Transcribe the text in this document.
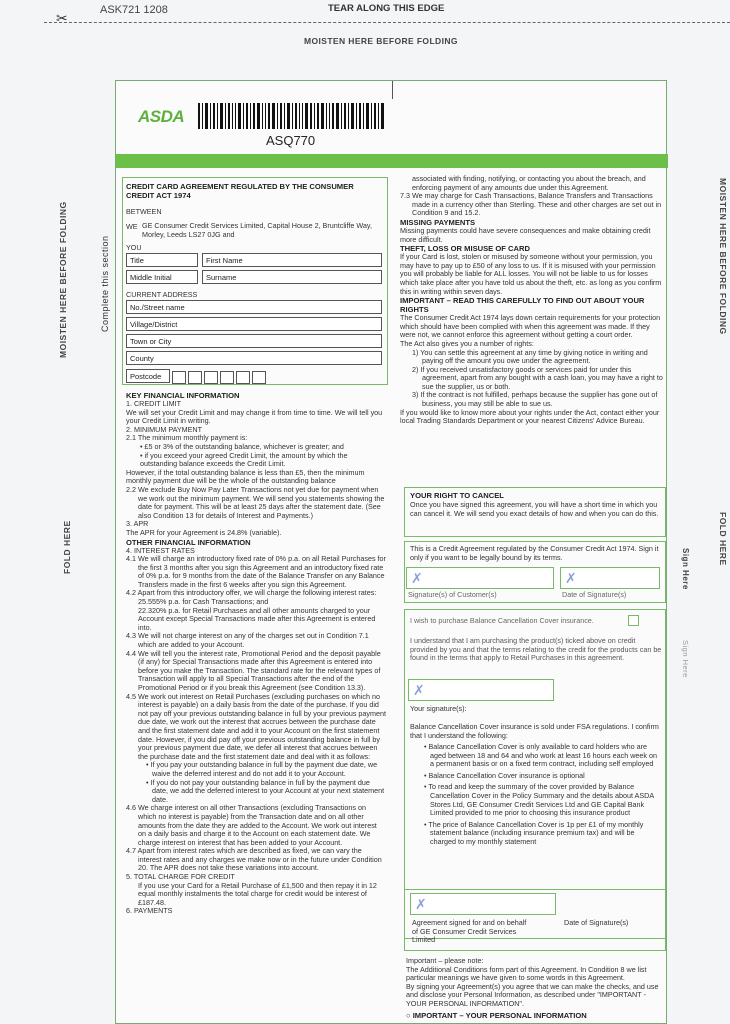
✂	ASK721 1208	TEAR ALONG THIS EDGE
MOISTEN HERE BEFORE FOLDING
MOISTEN HERE BEFORE FOLDING	Complete this section
FOLD HERE
MOISTEN HERE BEFORE FOLDING
FOLD HERE
Sign Here
Sign Here
ASDA
ASQ770
CREDIT CARD AGREEMENT REGULATED BY THE CONSUMER CREDIT ACT 1974
BETWEEN
WE GE Consumer Credit Services Limited, Capital House 2, Bruntcliffe Way, Morley, Leeds LS27 0JG and
YOU
Title	First Name
Middle Initial	Surname
CURRENT ADDRESS
No./Street name
Village/District
Town or City
County
Postcode
KEY FINANCIAL INFORMATION
1. CREDIT LIMIT
We will set your Credit Limit and may change it from time to time. We will tell you your Credit Limit in writing.
2. MINIMUM PAYMENT
2.1 The minimum monthly payment is:
• £5 or 3% of the outstanding balance, whichever is greater; and
• if you exceed your agreed Credit Limit, the amount by which the outstanding balance exceeds the Credit Limit.
However, if the total outstanding balance is less than £5, then the minimum monthly payment due will be the whole of the outstanding balance
2.2 We exclude Buy Now Pay Later Transactions not yet due for payment when we work out the minimum payment. We will send you statements showing the date for payment. This will be at least 25 days after the statement date. (See also Condition 13 for details of Interest and Payments.)
3. APR
The APR for your Agreement is 24.8% (variable).
OTHER FINANCIAL INFORMATION
4. INTEREST RATES
4.1 We will charge an introductory fixed rate of 0% p.a. on all Retail Purchases for the first 3 months after you sign this Agreement and an introductory fixed rate of 0% p.a. for 9 months from the date of the Balance Transfer on any Balance Transfers made in the first 6 weeks after you sign this Agreement.
4.2 Apart from this introductory offer, we will charge the following interest rates:
25.555% p.a. for Cash Transactions; and
22.320% p.a. for Retail Purchases and all other amounts charged to your Account except Special Transactions made after this Agreement is entered into.
4.3 We will not charge interest on any of the charges set out in Condition 7.1 which are added to your Account.
4.4 We will tell you the interest rate, Promotional Period and the deposit payable (if any) for Special Transactions made after this Agreement is entered into before you make the Transaction. The standard rate for the relevant types of Transaction will apply to all Special Transactions after the end of the Promotional Period or if you break this Agreement (see Condition 13.3).
4.5 We work out interest on Retail Purchases (excluding purchases on which no interest is payable) on a daily basis from the date of the purchase. If you did not pay off your previous outstanding balance in full by your previous payment due date, we work out the interest that accrues between the purchase date and the first statement date and add it to your Account on the first statement date. However, if you did pay off your previous outstanding balance in full by your previous payment due date, we defer all interest that accrues between the purchase date and the first statement date and deal with it as follows:
• If you pay your outstanding balance in full by the payment due date, we waive the deferred interest and do not add it to your Account.
• If you do not pay your outstanding balance in full by the payment due date, we add the deferred interest to your Account at your next statement date.
4.6 We charge interest on all other Transactions (excluding Transactions on which no interest is payable) from the Transaction date and on all other amounts from the date they are added to the Account. We work out interest on a daily basis and charge it to the Account on each statement date. We charge interest on interest that has been added to your Account.
4.7 Apart from interest rates which are described as fixed, we can vary the interest rates and any charges we make now or in the future under Condition 20. The APR does not take these variations into account.
5. TOTAL CHARGE FOR CREDIT
If you use your Card for a Retail Purchase of £1,500 and then repay it in 12 equal monthly instalments the total charge for credit would be interest of £187.48.
6. PAYMENTS
associated with finding, notifying, or contacting you about the breach, and enforcing payment of any amounts due under this Agreement.
7.3 We may charge for Cash Transactions, Balance Transfers and Transactions made in a currency other than Sterling. These and other charges are set out in Condition 9 and 15.2.
MISSING PAYMENTS
Missing payments could have severe consequences and make obtaining credit more difficult.
THEFT, LOSS OR MISUSE OF CARD
If your Card is lost, stolen or misused by someone without your permission, you may have to pay up to £50 of any loss to us. If it is misused with your permission you will probably be liable for ALL losses. You will not be liable to us for losses which take place after you have told us about the theft, etc. as long as you confirm this in writing within seven days.
IMPORTANT – READ THIS CAREFULLY TO FIND OUT ABOUT YOUR RIGHTS
The Consumer Credit Act 1974 lays down certain requirements for your protection which should have been complied with when this agreement was made. If they were not, we cannot enforce this agreement without getting a court order.
The Act also gives you a number of rights:
1) You can settle this agreement at any time by giving notice in writing and paying off the amount you owe under the agreement.
2) If you received unsatisfactory goods or services paid for under this agreement, apart from any bought with a cash loan, you may have a right to sue the supplier, us or both.
3) If the contract is not fulfilled, perhaps because the supplier has gone out of business, you may still be able to sue us.
If you would like to know more about your rights under the Act, contact either your local Trading Standards Department or your nearest Citizens' Advice Bureau.
YOUR RIGHT TO CANCEL
Once you have signed this agreement, you will have a short time in which you can cancel it. We will send you exact details of how and when you can do this.
This is a Credit Agreement regulated by the Consumer Credit Act 1974. Sign it only if you want to be legally bound by its terms.
✗	✗
Signature(s) of Customer(s)	Date of Signature(s)
I wish to purchase Balance Cancellation Cover insurance.
I understand that I am purchasing the product(s) ticked above on credit provided by you and that the terms relating to the credit for the products can be found in the terms that apply to Retail Purchases in this agreement.
✗
Your signature(s):
Balance Cancellation Cover insurance is sold under FSA regulations. I confirm that I understand the following:
• Balance Cancellation Cover is only available to card holders who are aged between 18 and 64 and who work at least 16 hours each week on a permanent basis or on a fixed term contract, including self employed
• Balance Cancellation Cover insurance is optional
• To read and keep the summary of the cover provided by Balance Cancellation Cover in the Policy Summary and the details about ASDA Stores Ltd, GE Consumer Credit Services Ltd and GE Capital Bank Limited provided to me prior to choosing this insurance product
• The price of Balance Cancellation Cover is 1p per £1 of my monthly statement balance (including insurance premium tax) and will be charged to my monthly statement
✗
Agreement signed for and on behalf of GE Consumer Credit Services Limited
Date of Signature(s)
Important – please note:
The Additional Conditions form part of this Agreement. In Condition 8 we list particular meanings we have given to some words in this Agreement.
By signing your Agreement(s) you agree that we can make the checks, and use and disclose your Personal Information, as described under "IMPORTANT - YOUR PERSONAL INFORMATION".
○ IMPORTANT – YOUR PERSONAL INFORMATION
